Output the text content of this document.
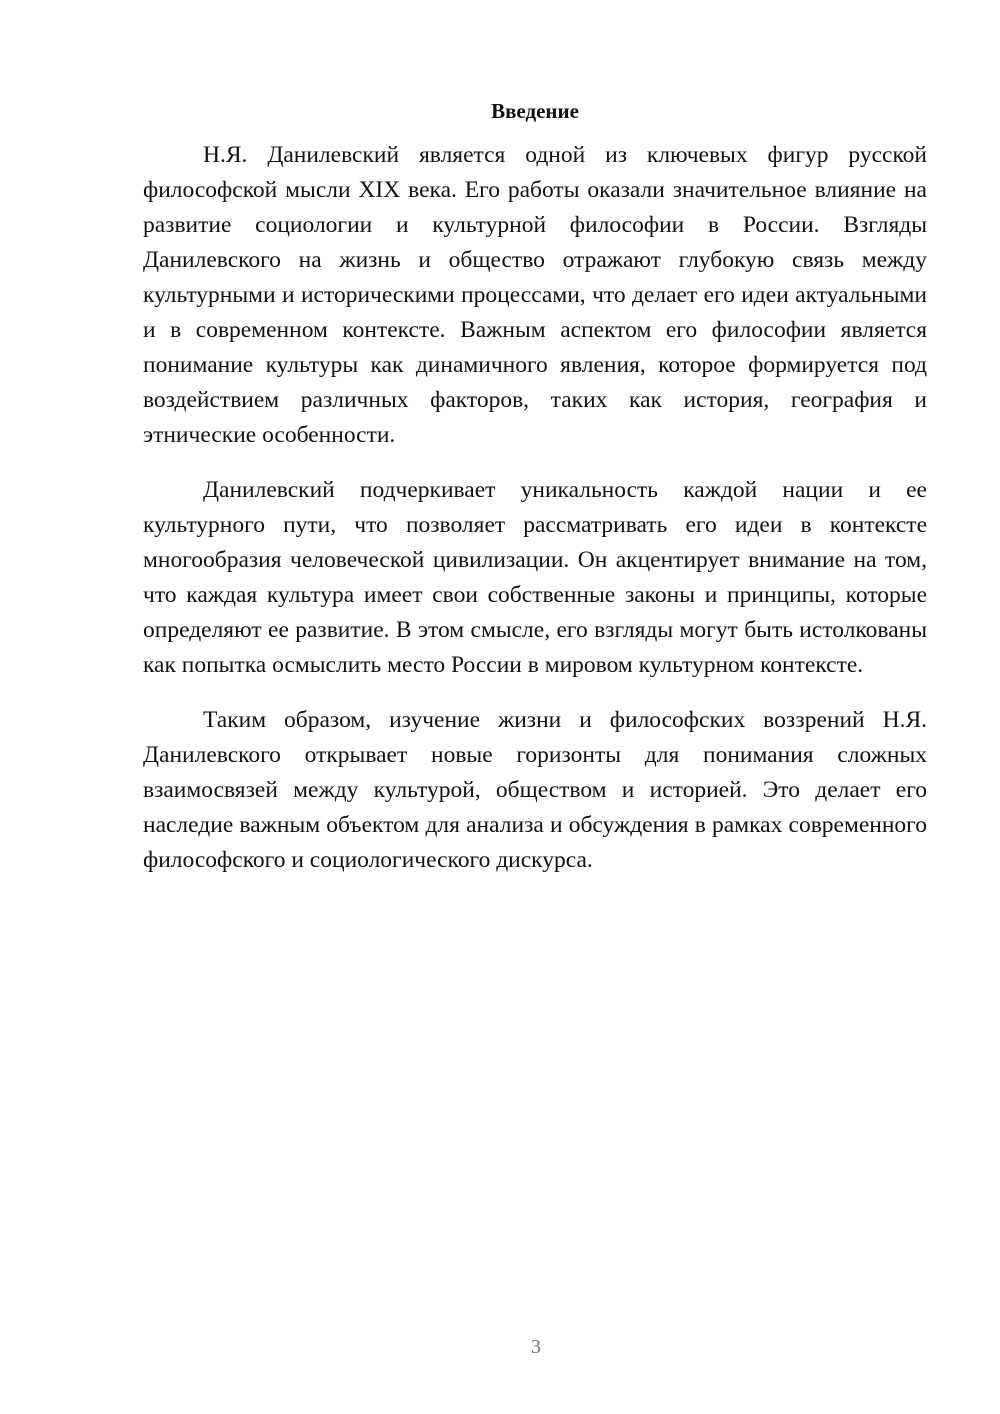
Введение

Н.Я. Данилевский является одной из ключевых фигур русской философской мысли XIX века. Его работы оказали значительное влияние на развитие социологии и культурной философии в России. Взгляды Данилевского на жизнь и общество отражают глубокую связь между культурными и историческими процессами, что делает его идеи актуальными и в современном контексте. Важным аспектом его философии является понимание культуры как динамичного явления, которое формируется под воздействием различных факторов, таких как история, география и этнические особенности.

Данилевский подчеркивает уникальность каждой нации и ее культурного пути, что позволяет рассматривать его идеи в контексте многообразия человеческой цивилизации. Он акцентирует внимание на том, что каждая культура имеет свои собственные законы и принципы, которые определяют ее развитие. В этом смысле, его взгляды могут быть истолкованы как попытка осмыслить место России в мировом культурном контексте.

Таким образом, изучение жизни и философских воззрений Н.Я. Данилевского открывает новые горизонты для понимания сложных взаимосвязей между культурой, обществом и историей. Это делает его наследие важным объектом для анализа и обсуждения в рамках современного философского и социологического дискурса.

3
